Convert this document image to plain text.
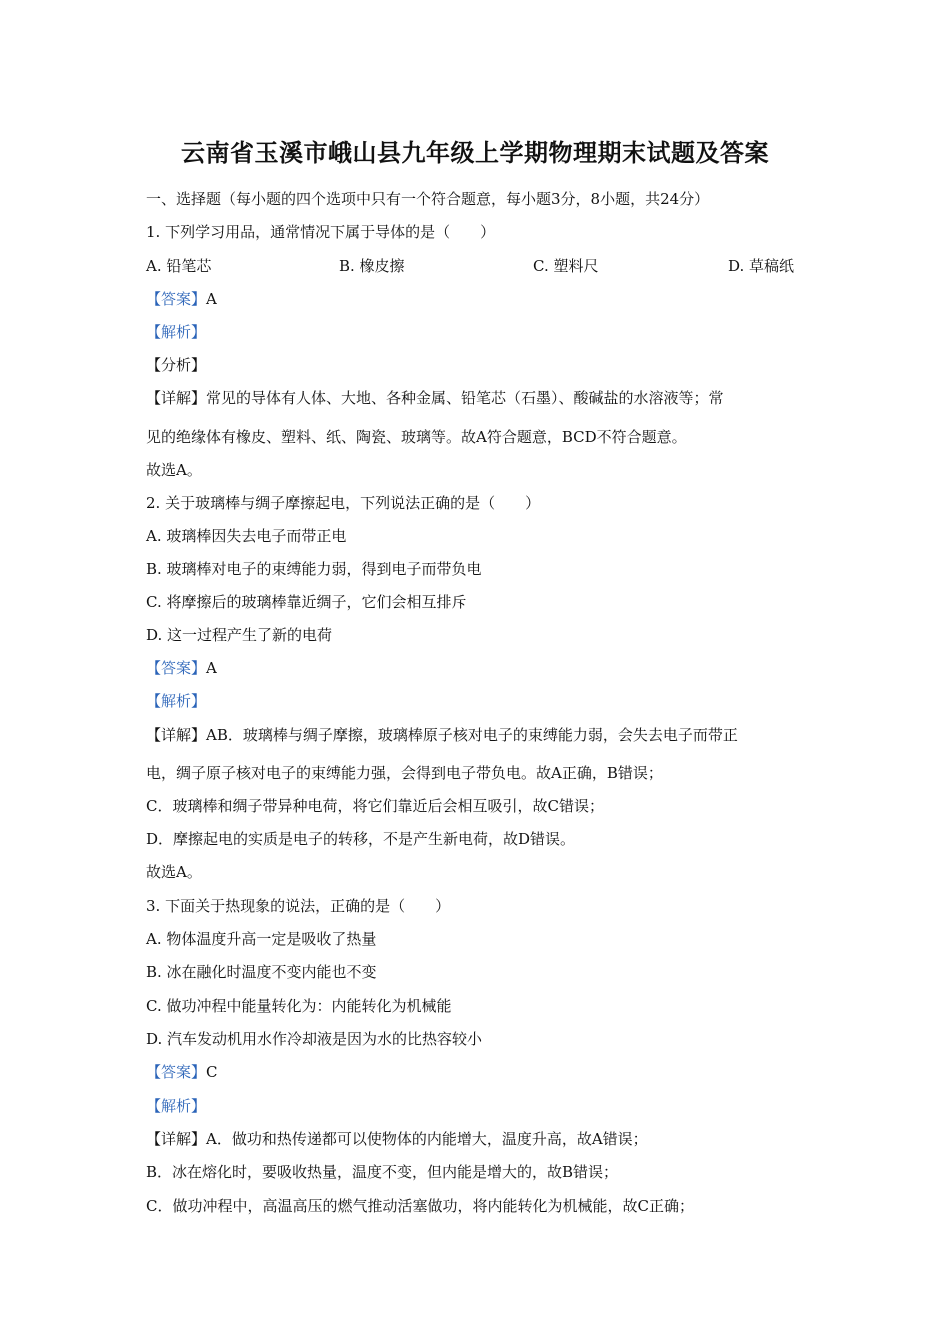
云南省玉溪市峨山县九年级上学期物理期末试题及答案
一、选择题（每小题的四个选项中只有一个符合题意，每小题3分，8小题，共24分）
1. 下列学习用品，通常情况下属于导体的是（　　）
A. 铅笔芯	B. 橡皮擦	C. 塑料尺	D. 草稿纸
【答案】A
【解析】
【分析】
【详解】常见的导体有人体、大地、各种金属、铅笔芯（石墨）、酸碱盐的水溶液等；常
见的绝缘体有橡皮、塑料、纸、陶瓷、玻璃等。故A符合题意，BCD不符合题意。
故选A。
2. 关于玻璃棒与绸子摩擦起电，下列说法正确的是（　　）
A. 玻璃棒因失去电子而带正电
B. 玻璃棒对电子的束缚能力弱，得到电子而带负电
C. 将摩擦后的玻璃棒靠近绸子，它们会相互排斥
D. 这一过程产生了新的电荷
【答案】A
【解析】
【详解】AB．玻璃棒与绸子摩擦，玻璃棒原子核对电子的束缚能力弱，会失去电子而带正
电，绸子原子核对电子的束缚能力强，会得到电子带负电。故A正确，B错误；
C．玻璃棒和绸子带异种电荷，将它们靠近后会相互吸引，故C错误；
D．摩擦起电的实质是电子的转移，不是产生新电荷，故D错误。
故选A。
3. 下面关于热现象的说法，正确的是（　　）
A. 物体温度升高一定是吸收了热量
B. 冰在融化时温度不变内能也不变
C. 做功冲程中能量转化为：内能转化为机械能
D. 汽车发动机用水作冷却液是因为水的比热容较小
【答案】C
【解析】
【详解】A．做功和热传递都可以使物体的内能增大，温度升高，故A错误；
B．冰在熔化时，要吸收热量，温度不变，但内能是增大的，故B错误；
C．做功冲程中，高温高压的燃气推动活塞做功，将内能转化为机械能，故C正确；
